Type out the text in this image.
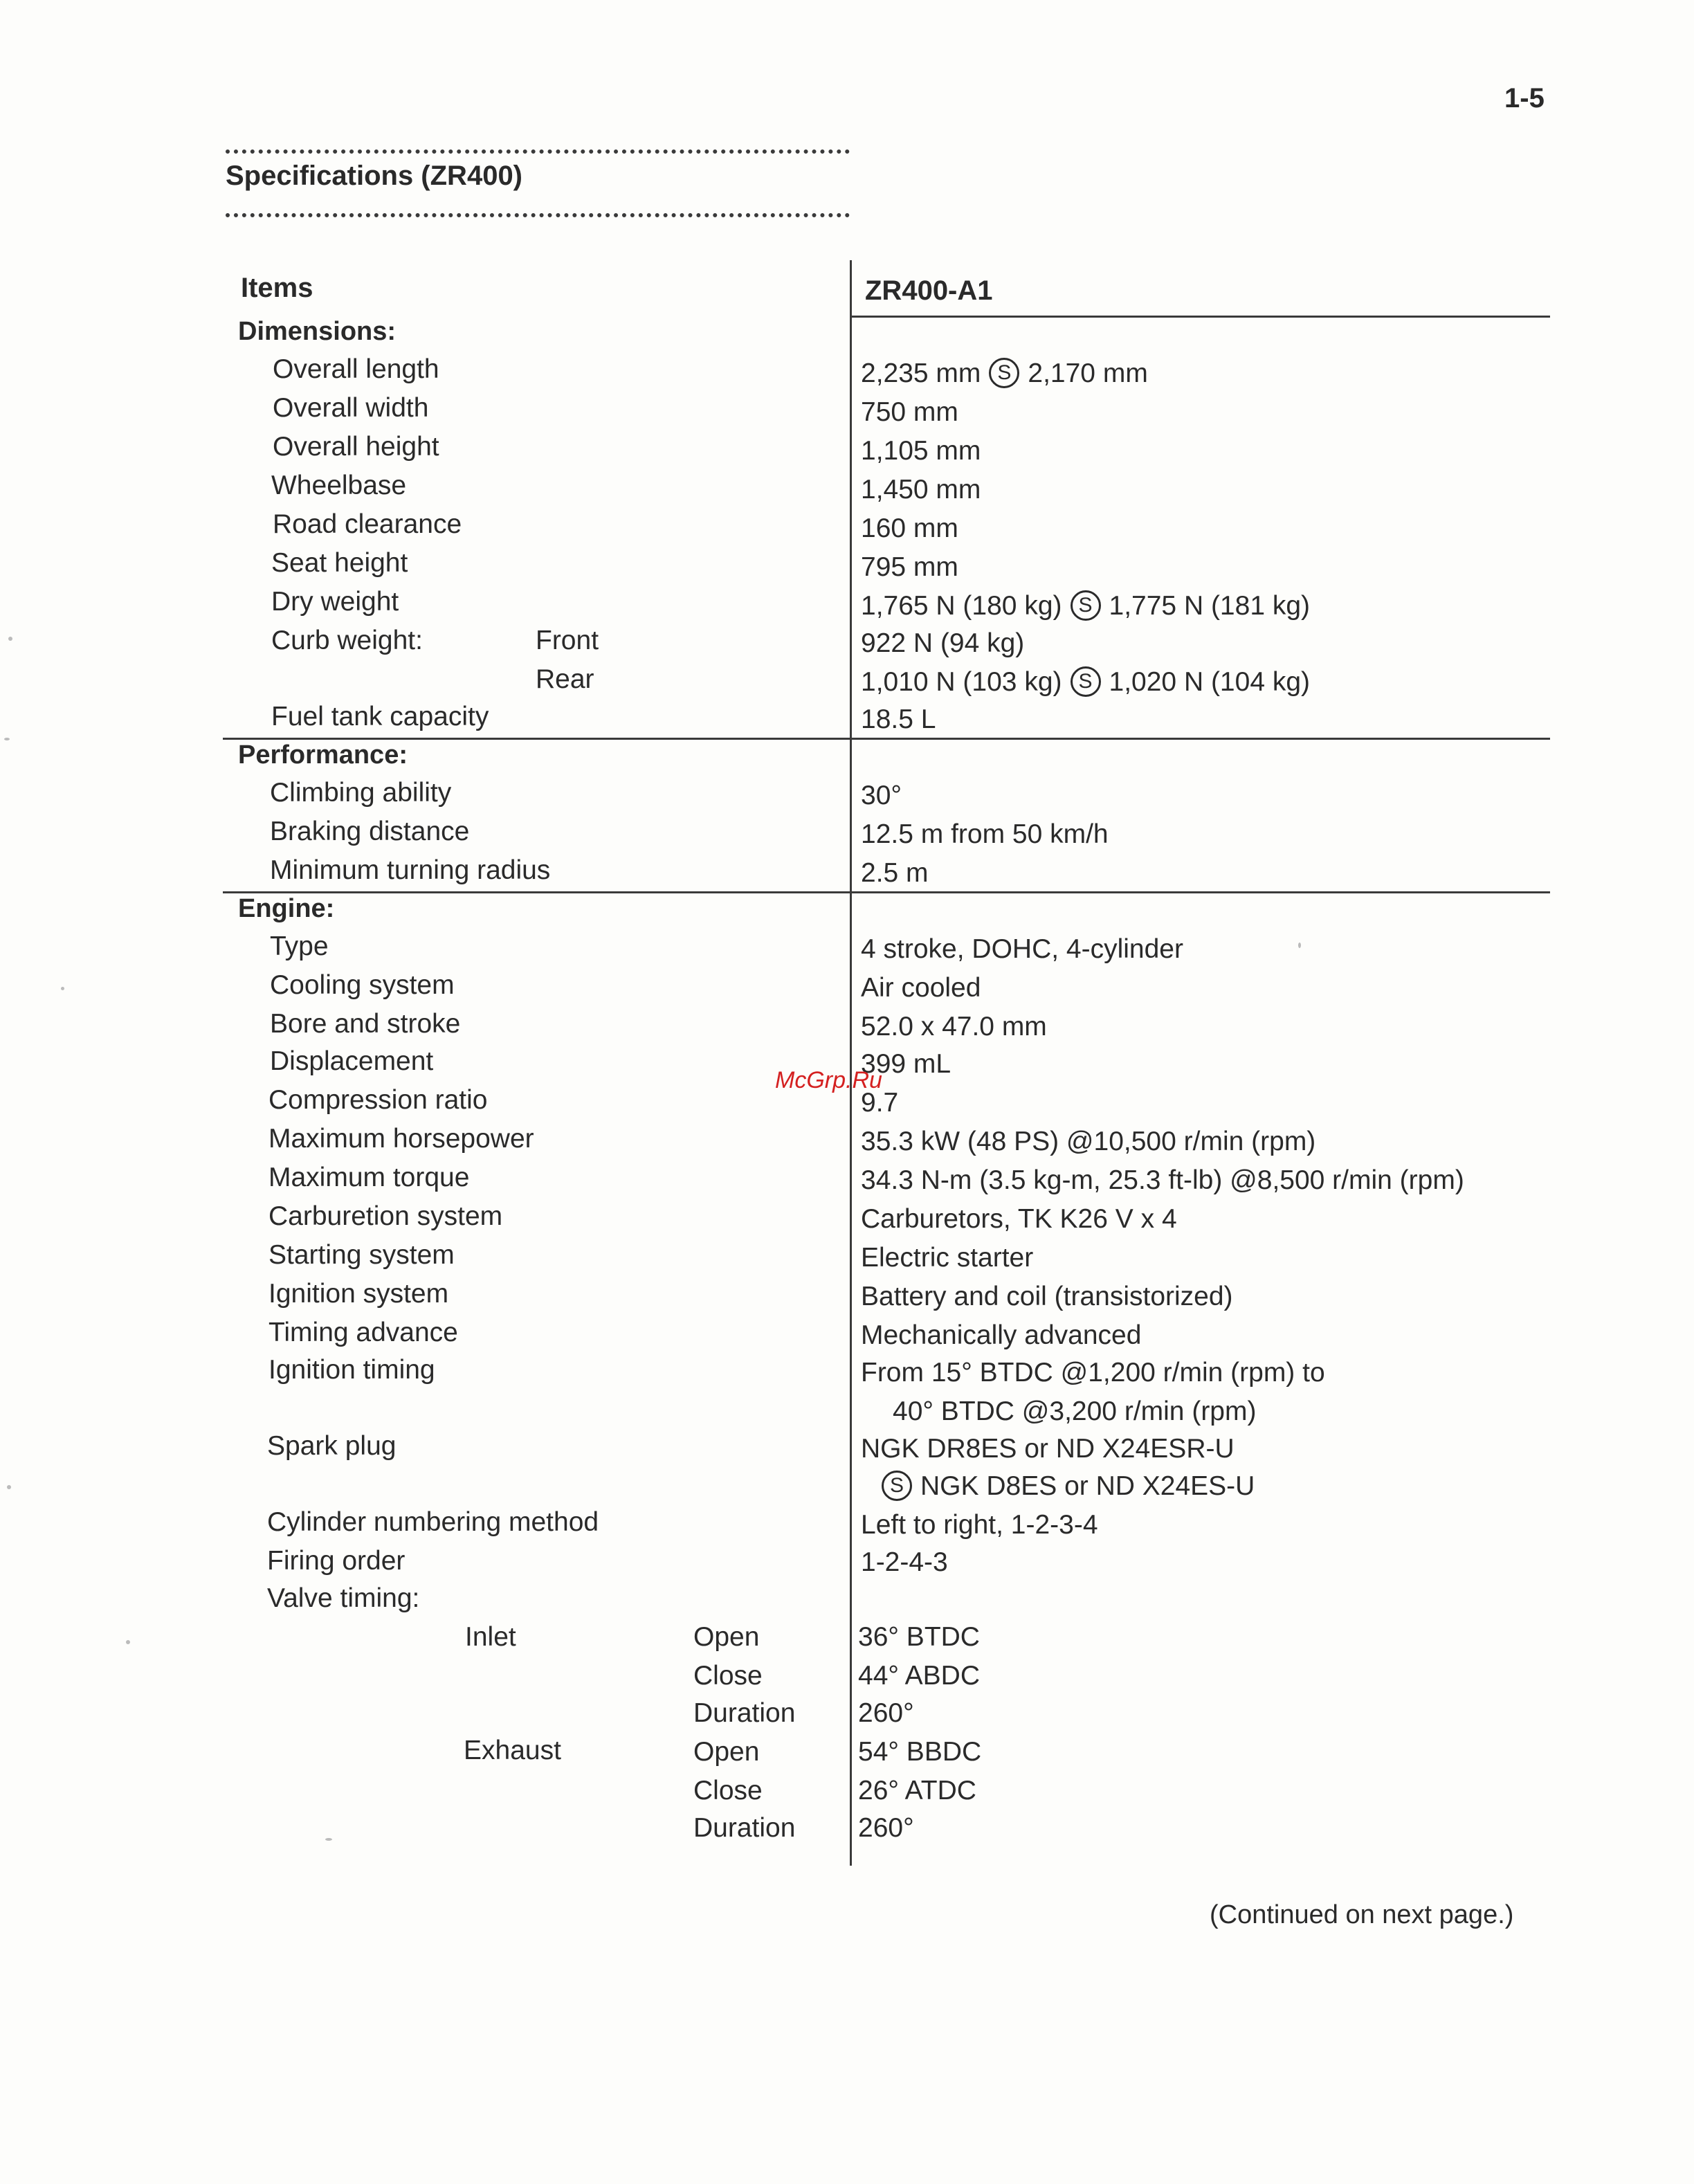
1-5
Specifications (ZR400)
Items	ZR400-A1
Dimensions:
Overall length	2,235 mm S 2,170 mm
Overall width	750 mm
Overall height	1,105 mm
Wheelbase	1,450 mm
Road clearance	160 mm
Seat height	795 mm
Dry weight	1,765 N (180 kg) S 1,775 N (181 kg)
Curb weight:	Front	922 N (94 kg)
Rear	1,010 N (103 kg) S 1,020 N (104 kg)
Fuel tank capacity	18.5 L
Performance:
Climbing ability	30°
Braking distance	12.5 m from 50 km/h
Minimum turning radius	2.5 m
Engine:
Type	4 stroke, DOHC, 4-cylinder
Cooling system	Air cooled
Bore and stroke	52.0 x 47.0 mm
Displacement	399 mL
Compression ratio	9.7
Maximum horsepower	35.3 kW (48 PS) @10,500 r/min (rpm)
Maximum torque	34.3 N-m (3.5 kg-m, 25.3 ft-lb) @8,500 r/min (rpm)
Carburetion system	Carburetors, TK K26 V x 4
Starting system	Electric starter
Ignition system	Battery and coil (transistorized)
Timing advance	Mechanically advanced
Ignition timing	From 15° BTDC @1,200 r/min (rpm) to
40° BTDC @3,200 r/min (rpm)
Spark plug	NGK DR8ES or ND X24ESR-U
S NGK D8ES or ND X24ES-U
Cylinder numbering method	Left to right, 1-2-3-4
Firing order	1-2-4-3
Valve timing:
Inlet	Open	36° BTDC
Close	44° ABDC
Duration 260°
Exhaust	Open	54° BBDC
Close	26° ATDC
Duration 260°
McGrp.Ru
(Continued on next page.)
